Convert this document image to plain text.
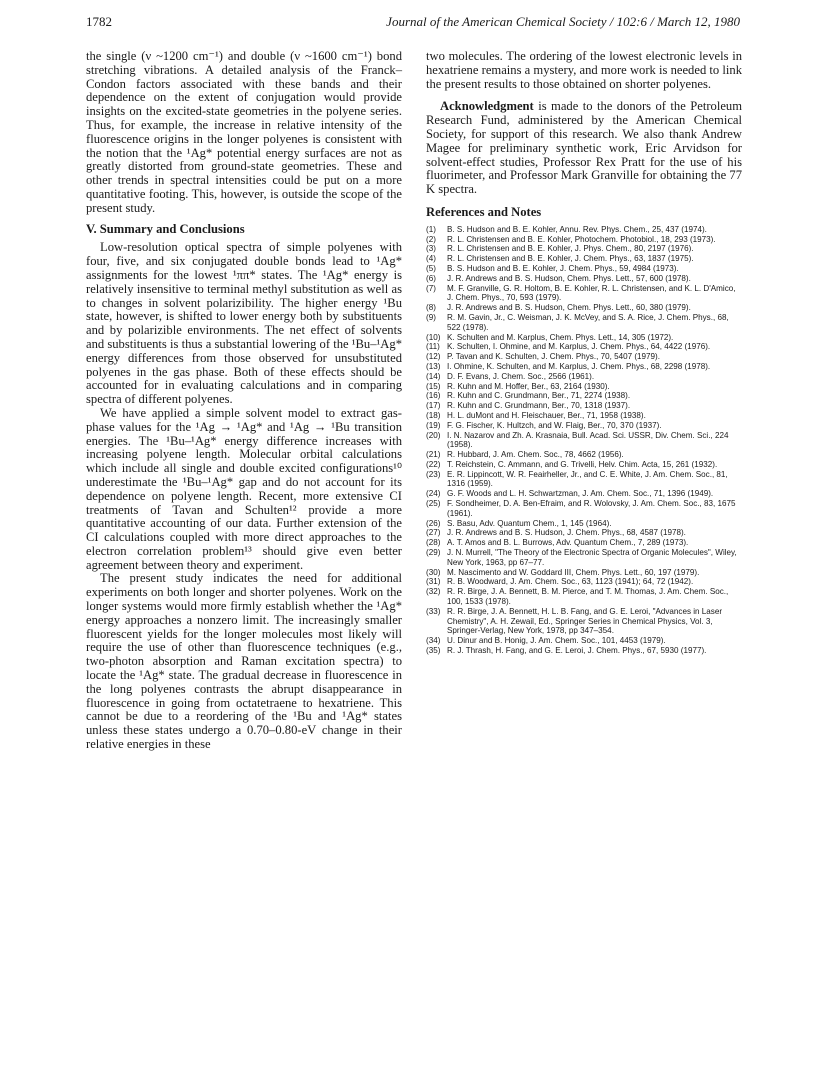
1782	Journal of the American Chemical Society / 102:6 / March 12, 1980

the single (ν ~1200 cm⁻¹) and double (ν ~1600 cm⁻¹) bond stretching vibrations. A detailed analysis of the Franck–Condon factors associated with these bands and their dependence on the extent of conjugation would provide insights on the excited-state geometries in the polyene series. Thus, for example, the increase in relative intensity of the fluorescence origins in the longer polyenes is consistent with the notion that the ¹Ag* potential energy surfaces are not as greatly distorted from ground-state geometries. These and other trends in spectral intensities could be put on a more quantitative footing. This, however, is outside the scope of the present study.

V. Summary and Conclusions

Low-resolution optical spectra of simple polyenes with four, five, and six conjugated double bonds lead to ¹Ag* assignments for the lowest ¹ππ* states. The ¹Ag* energy is relatively insensitive to terminal methyl substitution as well as to changes in solvent polarizibility. The higher energy ¹Bu state, however, is shifted to lower energy both by substituents and by polarizible environments. The net effect of solvents and substituents is thus a substantial lowering of the ¹Bu–¹Ag* energy differences from those observed for unsubstituted polyenes in the gas phase. Both of these effects should be accounted for in evaluating calculations and in comparing spectra of different polyenes.

We have applied a simple solvent model to extract gas-phase values for the ¹Ag → ¹Ag* and ¹Ag → ¹Bu transition energies. The ¹Bu–¹Ag* energy difference increases with increasing polyene length. Molecular orbital calculations which include all single and double excited configurations¹⁰ underestimate the ¹Bu–¹Ag* gap and do not account for its dependence on polyene length. Recent, more extensive CI treatments of Tavan and Schulten¹² provide a more quantitative accounting of our data. Further extension of the CI calculations coupled with more direct approaches to the electron correlation problem¹³ should give even better agreement between theory and experiment.

The present study indicates the need for additional experiments on both longer and shorter polyenes. Work on the longer systems would more firmly establish whether the ¹Ag* energy approaches a nonzero limit. The increasingly smaller fluorescent yields for the longer molecules most likely will require the use of other than fluorescence techniques (e.g., two-photon absorption and Raman excitation spectra) to locate the ¹Ag* state. The gradual decrease in fluorescence in the long polyenes contrasts the abrupt disappearance in fluorescence in going from octatetraene to hexatriene. This cannot be due to a reordering of the ¹Bu and ¹Ag* states unless these states undergo a 0.70–0.80-eV change in their relative energies in these

two molecules. The ordering of the lowest electronic levels in hexatriene remains a mystery, and more work is needed to link the present results to those obtained on shorter polyenes.

Acknowledgment is made to the donors of the Petroleum Research Fund, administered by the American Chemical Society, for support of this research. We also thank Andrew Magee for preliminary synthetic work, Eric Arvidson for solvent-effect studies, Professor Rex Pratt for the use of his fluorimeter, and Professor Mark Granville for obtaining the 77 K spectra.

References and Notes
(1)	B. S. Hudson and B. E. Kohler, Annu. Rev. Phys. Chem., 25, 437 (1974).
(2)	R. L. Christensen and B. E. Kohler, Photochem. Photobiol., 18, 293 (1973).
(3)	R. L. Christensen and B. E. Kohler, J. Phys. Chem., 80, 2197 (1976).
(4)	R. L. Christensen and B. E. Kohler, J. Chem. Phys., 63, 1837 (1975).
(5)	B. S. Hudson and B. E. Kohler, J. Chem. Phys., 59, 4984 (1973).
(6)	J. R. Andrews and B. S. Hudson, Chem. Phys. Lett., 57, 600 (1978).
(7)	M. F. Granville, G. R. Holtom, B. E. Kohler, R. L. Christensen, and K. L. D'Amico, J. Chem. Phys., 70, 593 (1979).
(8)	J. R. Andrews and B. S. Hudson, Chem. Phys. Lett., 60, 380 (1979).
(9)	R. M. Gavin, Jr., C. Weisman, J. K. McVey, and S. A. Rice, J. Chem. Phys., 68, 522 (1978).
(10) K. Schulten and M. Karplus, Chem. Phys. Lett., 14, 305 (1972).
(11) K. Schulten, I. Ohmine, and M. Karplus, J. Chem. Phys., 64, 4422 (1976).
(12) P. Tavan and K. Schulten, J. Chem. Phys., 70, 5407 (1979).
(13) I. Ohmine, K. Schulten, and M. Karplus, J. Chem. Phys., 68, 2298 (1978).
(14) D. F. Evans, J. Chem. Soc., 2566 (1961).
(15) R. Kuhn and M. Hoffer, Ber., 63, 2164 (1930).
(16) R. Kuhn and C. Grundmann, Ber., 71, 2274 (1938).
(17) R. Kuhn and C. Grundmann, Ber., 70, 1318 (1937).
(18) H. L. duMont and H. Fleischauer, Ber., 71, 1958 (1938).
(19) F. G. Fischer, K. Hultzch, and W. Flaig, Ber., 70, 370 (1937).
(20) I. N. Nazarov and Zh. A. Krasnaia, Bull. Acad. Sci. USSR, Div. Chem. Sci., 224 (1958).
(21) R. Hubbard, J. Am. Chem. Soc., 78, 4662 (1956).
(22) T. Reichstein, C. Ammann, and G. Trivelli, Helv. Chim. Acta, 15, 261 (1932).
(23) E. R. Lippincott, W. R. Feairheller, Jr., and C. E. White, J. Am. Chem. Soc., 81, 1316 (1959).
(24) G. F. Woods and L. H. Schwartzman, J. Am. Chem. Soc., 71, 1396 (1949).
(25) F. Sondheimer, D. A. Ben-Efraim, and R. Wolovsky, J. Am. Chem. Soc., 83, 1675 (1961).
(26) S. Basu, Adv. Quantum Chem., 1, 145 (1964).
(27) J. R. Andrews and B. S. Hudson, J. Chem. Phys., 68, 4587 (1978).
(28) A. T. Amos and B. L. Burrows, Adv. Quantum Chem., 7, 289 (1973).
(29) J. N. Murrell, "The Theory of the Electronic Spectra of Organic Molecules", Wiley, New York, 1963, pp 67–77.
(30) M. Nascimento and W. Goddard III, Chem. Phys. Lett., 60, 197 (1979).
(31) R. B. Woodward, J. Am. Chem. Soc., 63, 1123 (1941); 64, 72 (1942).
(32) R. R. Birge, J. A. Bennett, B. M. Pierce, and T. M. Thomas, J. Am. Chem. Soc., 100, 1533 (1978).
(33) R. R. Birge, J. A. Bennett, H. L. B. Fang, and G. E. Leroi, "Advances in Laser Chemistry", A. H. Zewail, Ed., Springer Series in Chemical Physics, Vol. 3, Springer-Verlag, New York, 1978, pp 347–354.
(34) U. Dinur and B. Honig, J. Am. Chem. Soc., 101, 4453 (1979).
(35) R. J. Thrash, H. Fang, and G. E. Leroi, J. Chem. Phys., 67, 5930 (1977).
